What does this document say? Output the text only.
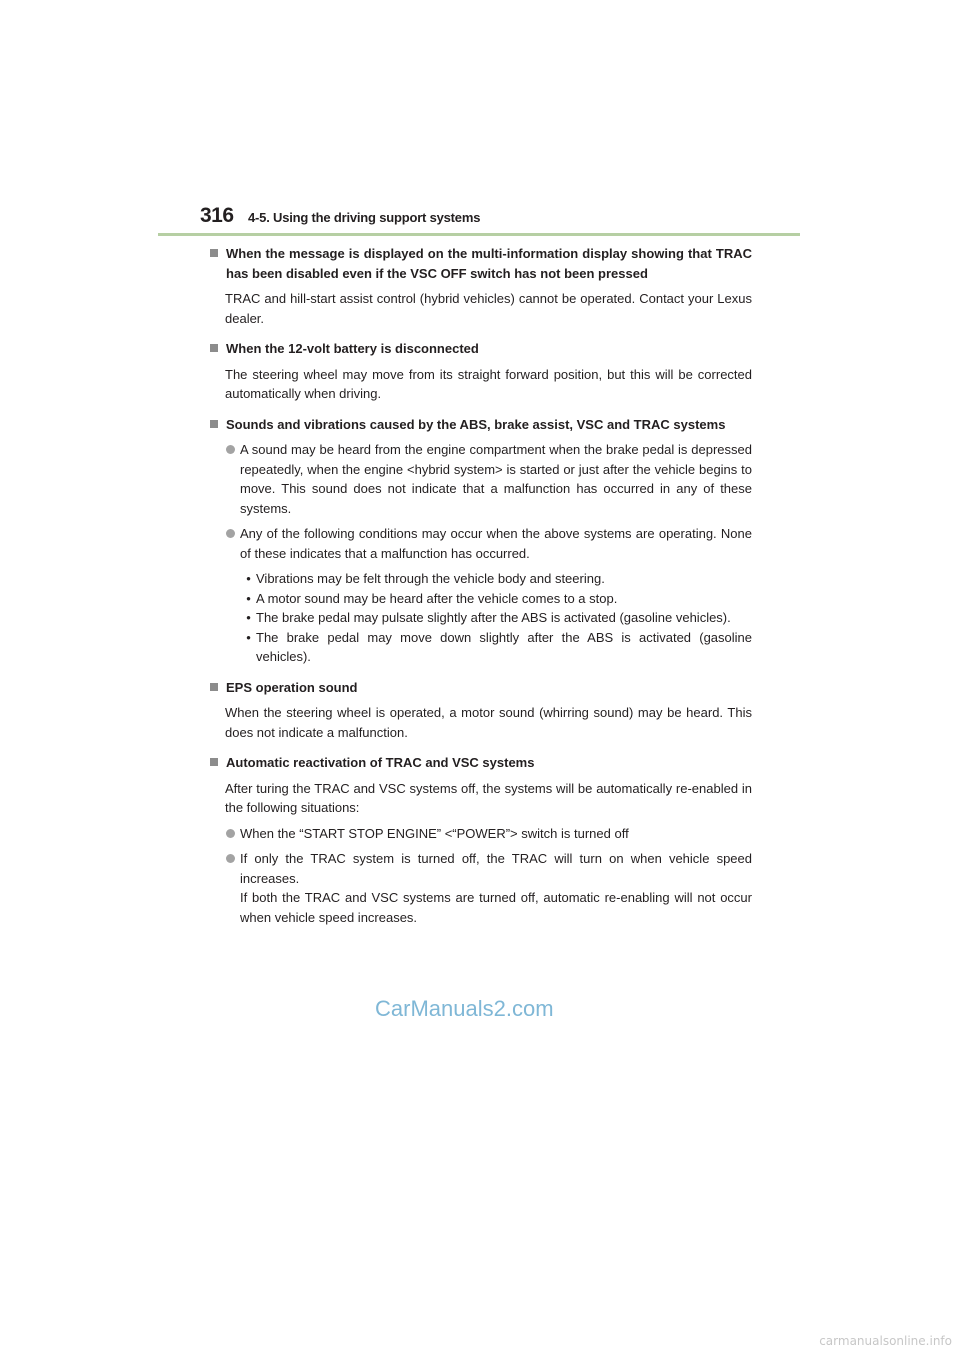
316 4-5. Using the driving support systems
When the message is displayed on the multi-information display showing that TRAC has been disabled even if the VSC OFF switch has not been pressed
TRAC and hill-start assist control (hybrid vehicles) cannot be operated. Contact your Lexus dealer.
When the 12-volt battery is disconnected
The steering wheel may move from its straight forward position, but this will be corrected automatically when driving.
Sounds and vibrations caused by the ABS, brake assist, VSC and TRAC systems
A sound may be heard from the engine compartment when the brake pedal is depressed repeatedly, when the engine <hybrid system> is started or just after the vehicle begins to move. This sound does not indicate that a malfunction has occurred in any of these systems.
Any of the following conditions may occur when the above systems are operating. None of these indicates that a malfunction has occurred.
• Vibrations may be felt through the vehicle body and steering.
• A motor sound may be heard after the vehicle comes to a stop.
• The brake pedal may pulsate slightly after the ABS is activated (gasoline vehicles).
• The brake pedal may move down slightly after the ABS is activated (gasoline vehicles).
EPS operation sound
When the steering wheel is operated, a motor sound (whirring sound) may be heard. This does not indicate a malfunction.
Automatic reactivation of TRAC and VSC systems
After turing the TRAC and VSC systems off, the systems will be automatically re-enabled in the following situations:
When the “START STOP ENGINE” <“POWER”> switch is turned off
If only the TRAC system is turned off, the TRAC will turn on when vehicle speed increases.
If both the TRAC and VSC systems are turned off, automatic re-enabling will not occur when vehicle speed increases.
CarManuals2.com
carmanualsonline.info
